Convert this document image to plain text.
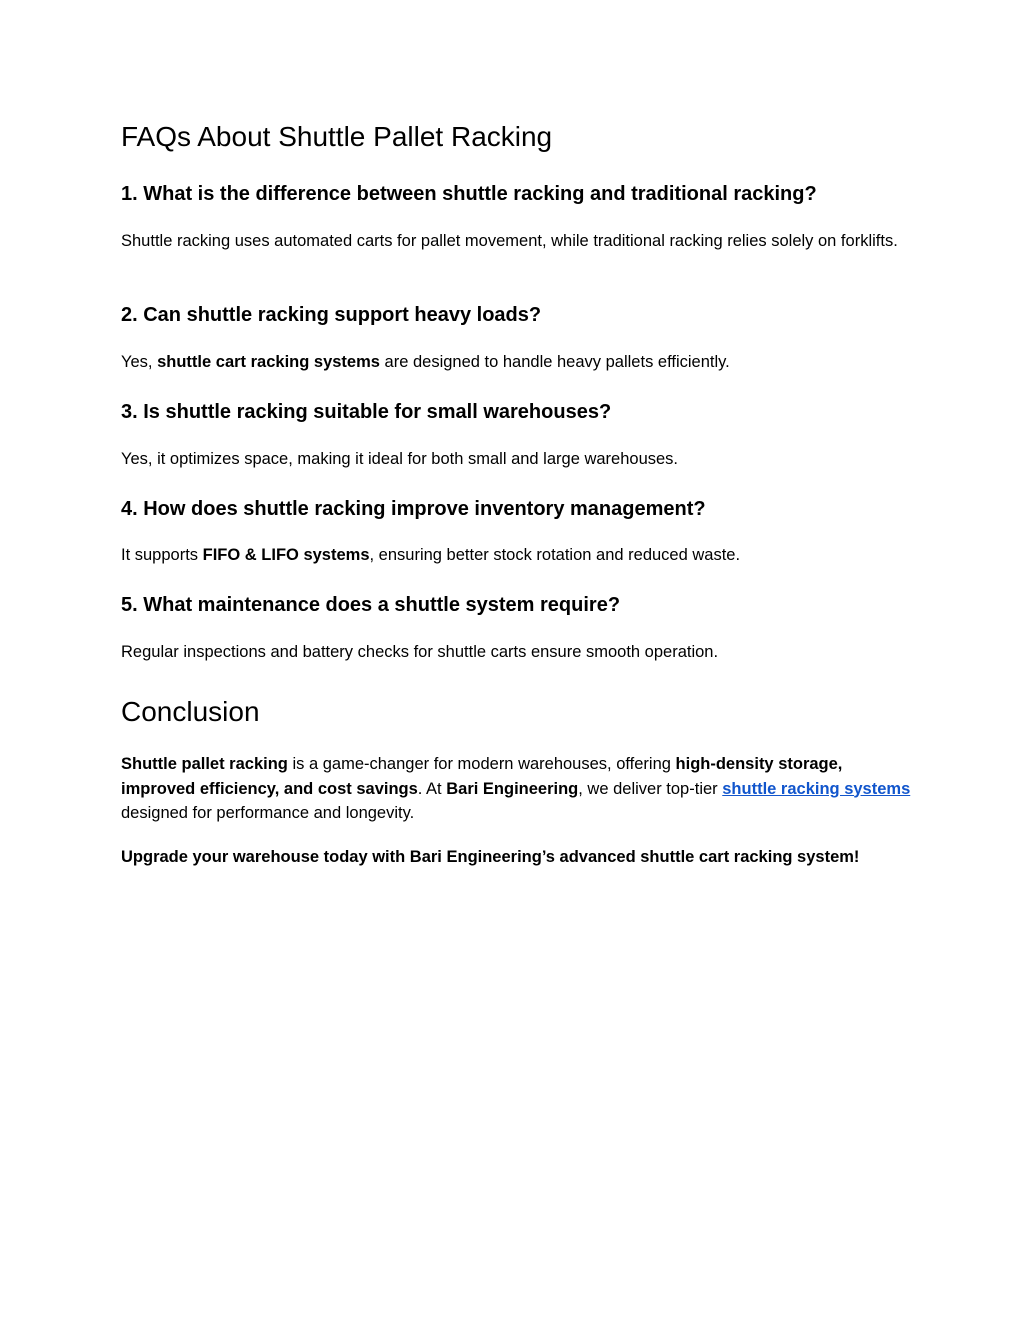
FAQs About Shuttle Pallet Racking
1. What is the difference between shuttle racking and traditional racking?

Shuttle racking uses automated carts for pallet movement, while traditional racking relies solely on forklifts.

2. Can shuttle racking support heavy loads?

Yes, shuttle cart racking systems are designed to handle heavy pallets efficiently.

3. Is shuttle racking suitable for small warehouses?

Yes, it optimizes space, making it ideal for both small and large warehouses.

4. How does shuttle racking improve inventory management?

It supports FIFO & LIFO systems, ensuring better stock rotation and reduced waste.

5. What maintenance does a shuttle system require?

Regular inspections and battery checks for shuttle carts ensure smooth operation.

Conclusion

Shuttle pallet racking is a game-changer for modern warehouses, offering high-density storage, improved efficiency, and cost savings. At Bari Engineering, we deliver top-tier shuttle racking systems designed for performance and longevity.

Upgrade your warehouse today with Bari Engineering’s advanced shuttle cart racking system!
